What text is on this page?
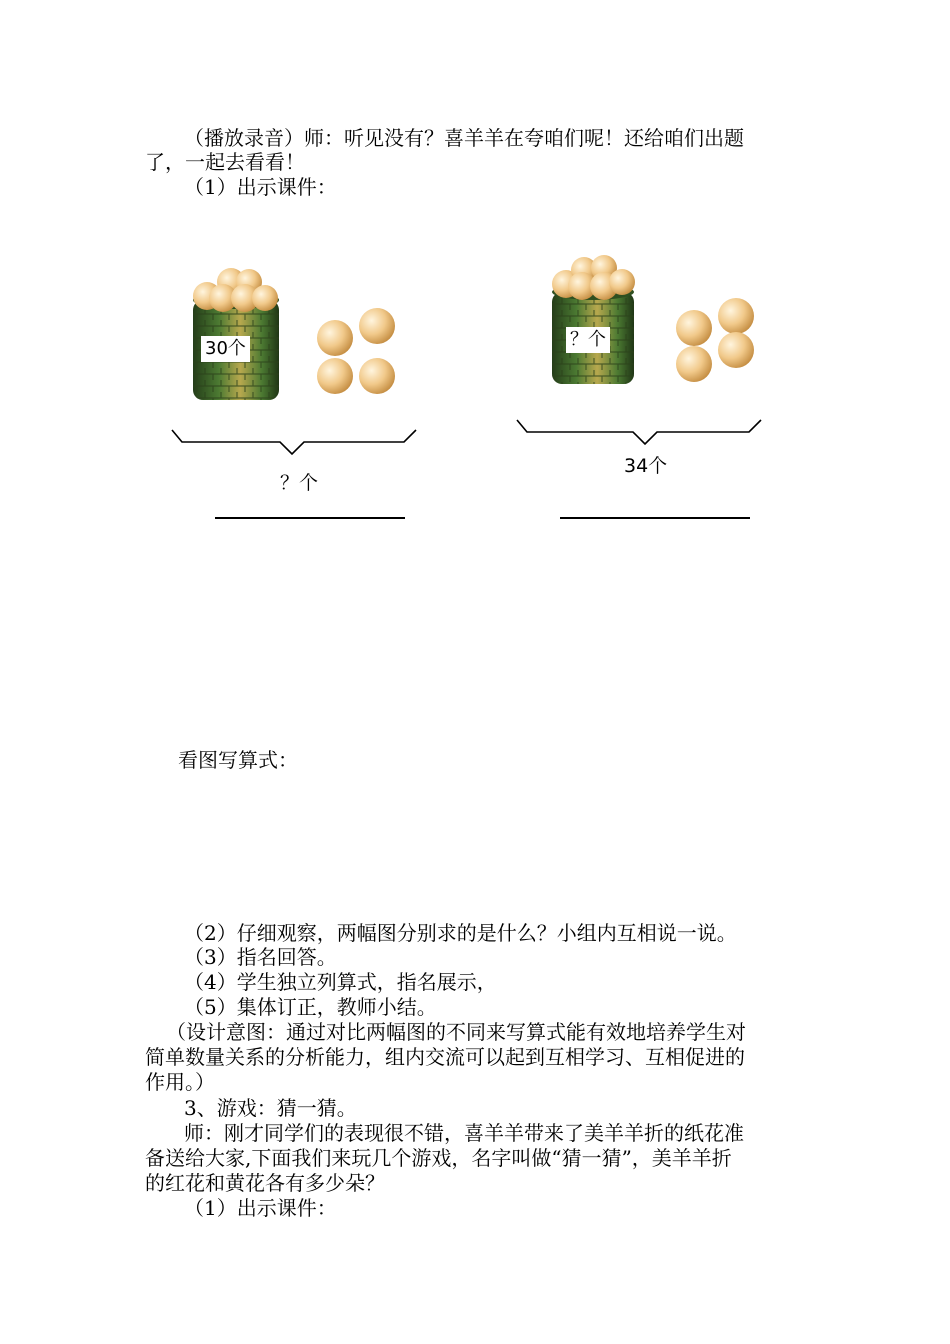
（播放录音）师：听见没有？喜羊羊在夸咱们呢！还给咱们出题
了，一起去看看！
（1）出示课件：
30个
？个
？个
34个
看图写算式：
（2）仔细观察，两幅图分别求的是什么？小组内互相说一说。
（3）指名回答。
（4）学生独立列算式，指名展示，
（5）集体订正，教师小结。
（设计意图：通过对比两幅图的不同来写算式能有效地培养学生对
简单数量关系的分析能力，组内交流可以起到互相学习、互相促进的
作用。）
3、游戏：猜一猜。
师：刚才同学们的表现很不错，喜羊羊带来了美羊羊折的纸花准
备送给大家,下面我们来玩几个游戏，名字叫做“猜一猜”，美羊羊折
的红花和黄花各有多少朵？
（1）出示课件：
